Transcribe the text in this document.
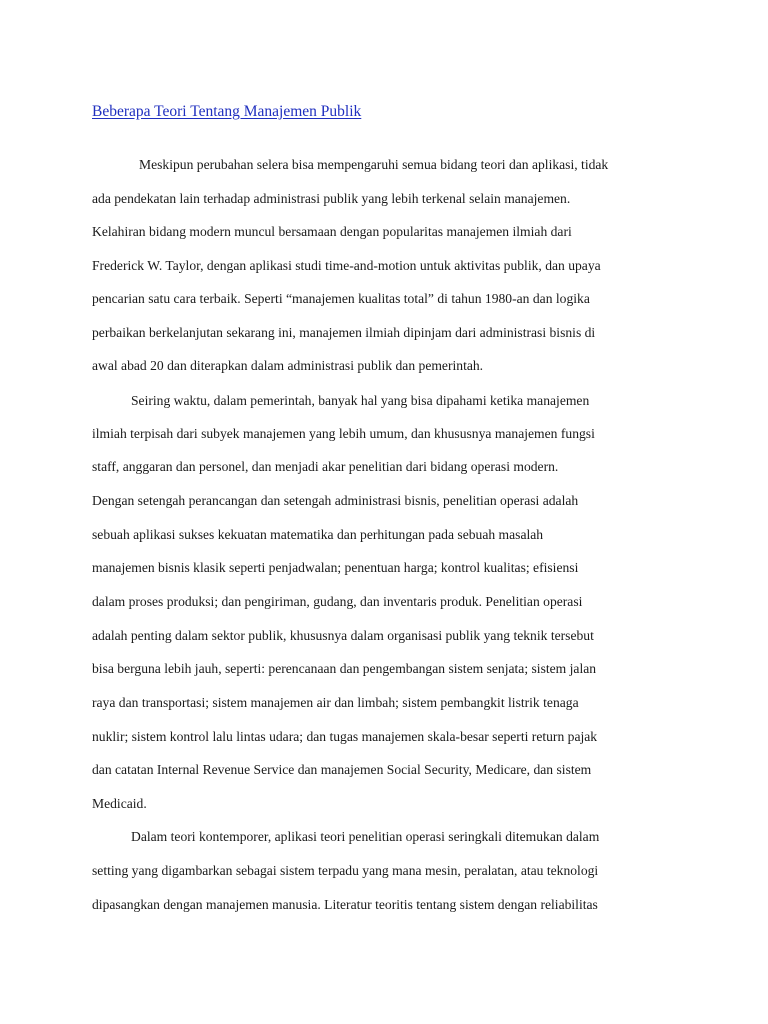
Beberapa Teori Tentang Manajemen Publik

Meskipun perubahan selera bisa mempengaruhi semua bidang teori dan aplikasi, tidak

ada pendekatan lain terhadap administrasi publik yang lebih terkenal selain manajemen.

Kelahiran bidang modern muncul bersamaan dengan popularitas manajemen ilmiah dari

Frederick W. Taylor, dengan aplikasi studi time-and-motion untuk aktivitas publik, dan upaya

pencarian satu cara terbaik. Seperti “manajemen kualitas total” di tahun 1980-an dan logika

perbaikan berkelanjutan sekarang ini, manajemen ilmiah dipinjam dari administrasi bisnis di

awal abad 20 dan diterapkan dalam administrasi publik dan pemerintah.

Seiring waktu, dalam pemerintah, banyak hal yang bisa dipahami ketika manajemen

ilmiah terpisah dari subyek manajemen yang lebih umum, dan khususnya manajemen fungsi

staff, anggaran dan personel, dan menjadi akar penelitian dari bidang operasi modern.

Dengan setengah perancangan dan setengah administrasi bisnis, penelitian operasi adalah

sebuah aplikasi sukses kekuatan matematika dan perhitungan pada sebuah masalah

manajemen bisnis klasik seperti penjadwalan; penentuan harga; kontrol kualitas; efisiensi

dalam proses produksi; dan pengiriman, gudang, dan inventaris produk. Penelitian operasi

adalah penting dalam sektor publik, khususnya dalam organisasi publik yang teknik tersebut

bisa berguna lebih jauh, seperti: perencanaan dan pengembangan sistem senjata; sistem jalan

raya dan transportasi; sistem manajemen air dan limbah; sistem pembangkit listrik tenaga

nuklir; sistem kontrol lalu lintas udara; dan tugas manajemen skala-besar seperti return pajak

dan catatan Internal Revenue Service dan manajemen Social Security, Medicare, dan sistem

Medicaid.

Dalam teori kontemporer, aplikasi teori penelitian operasi seringkali ditemukan dalam

setting yang digambarkan sebagai sistem terpadu yang mana mesin, peralatan, atau teknologi

dipasangkan dengan manajemen manusia. Literatur teoritis tentang sistem dengan reliabilitas
